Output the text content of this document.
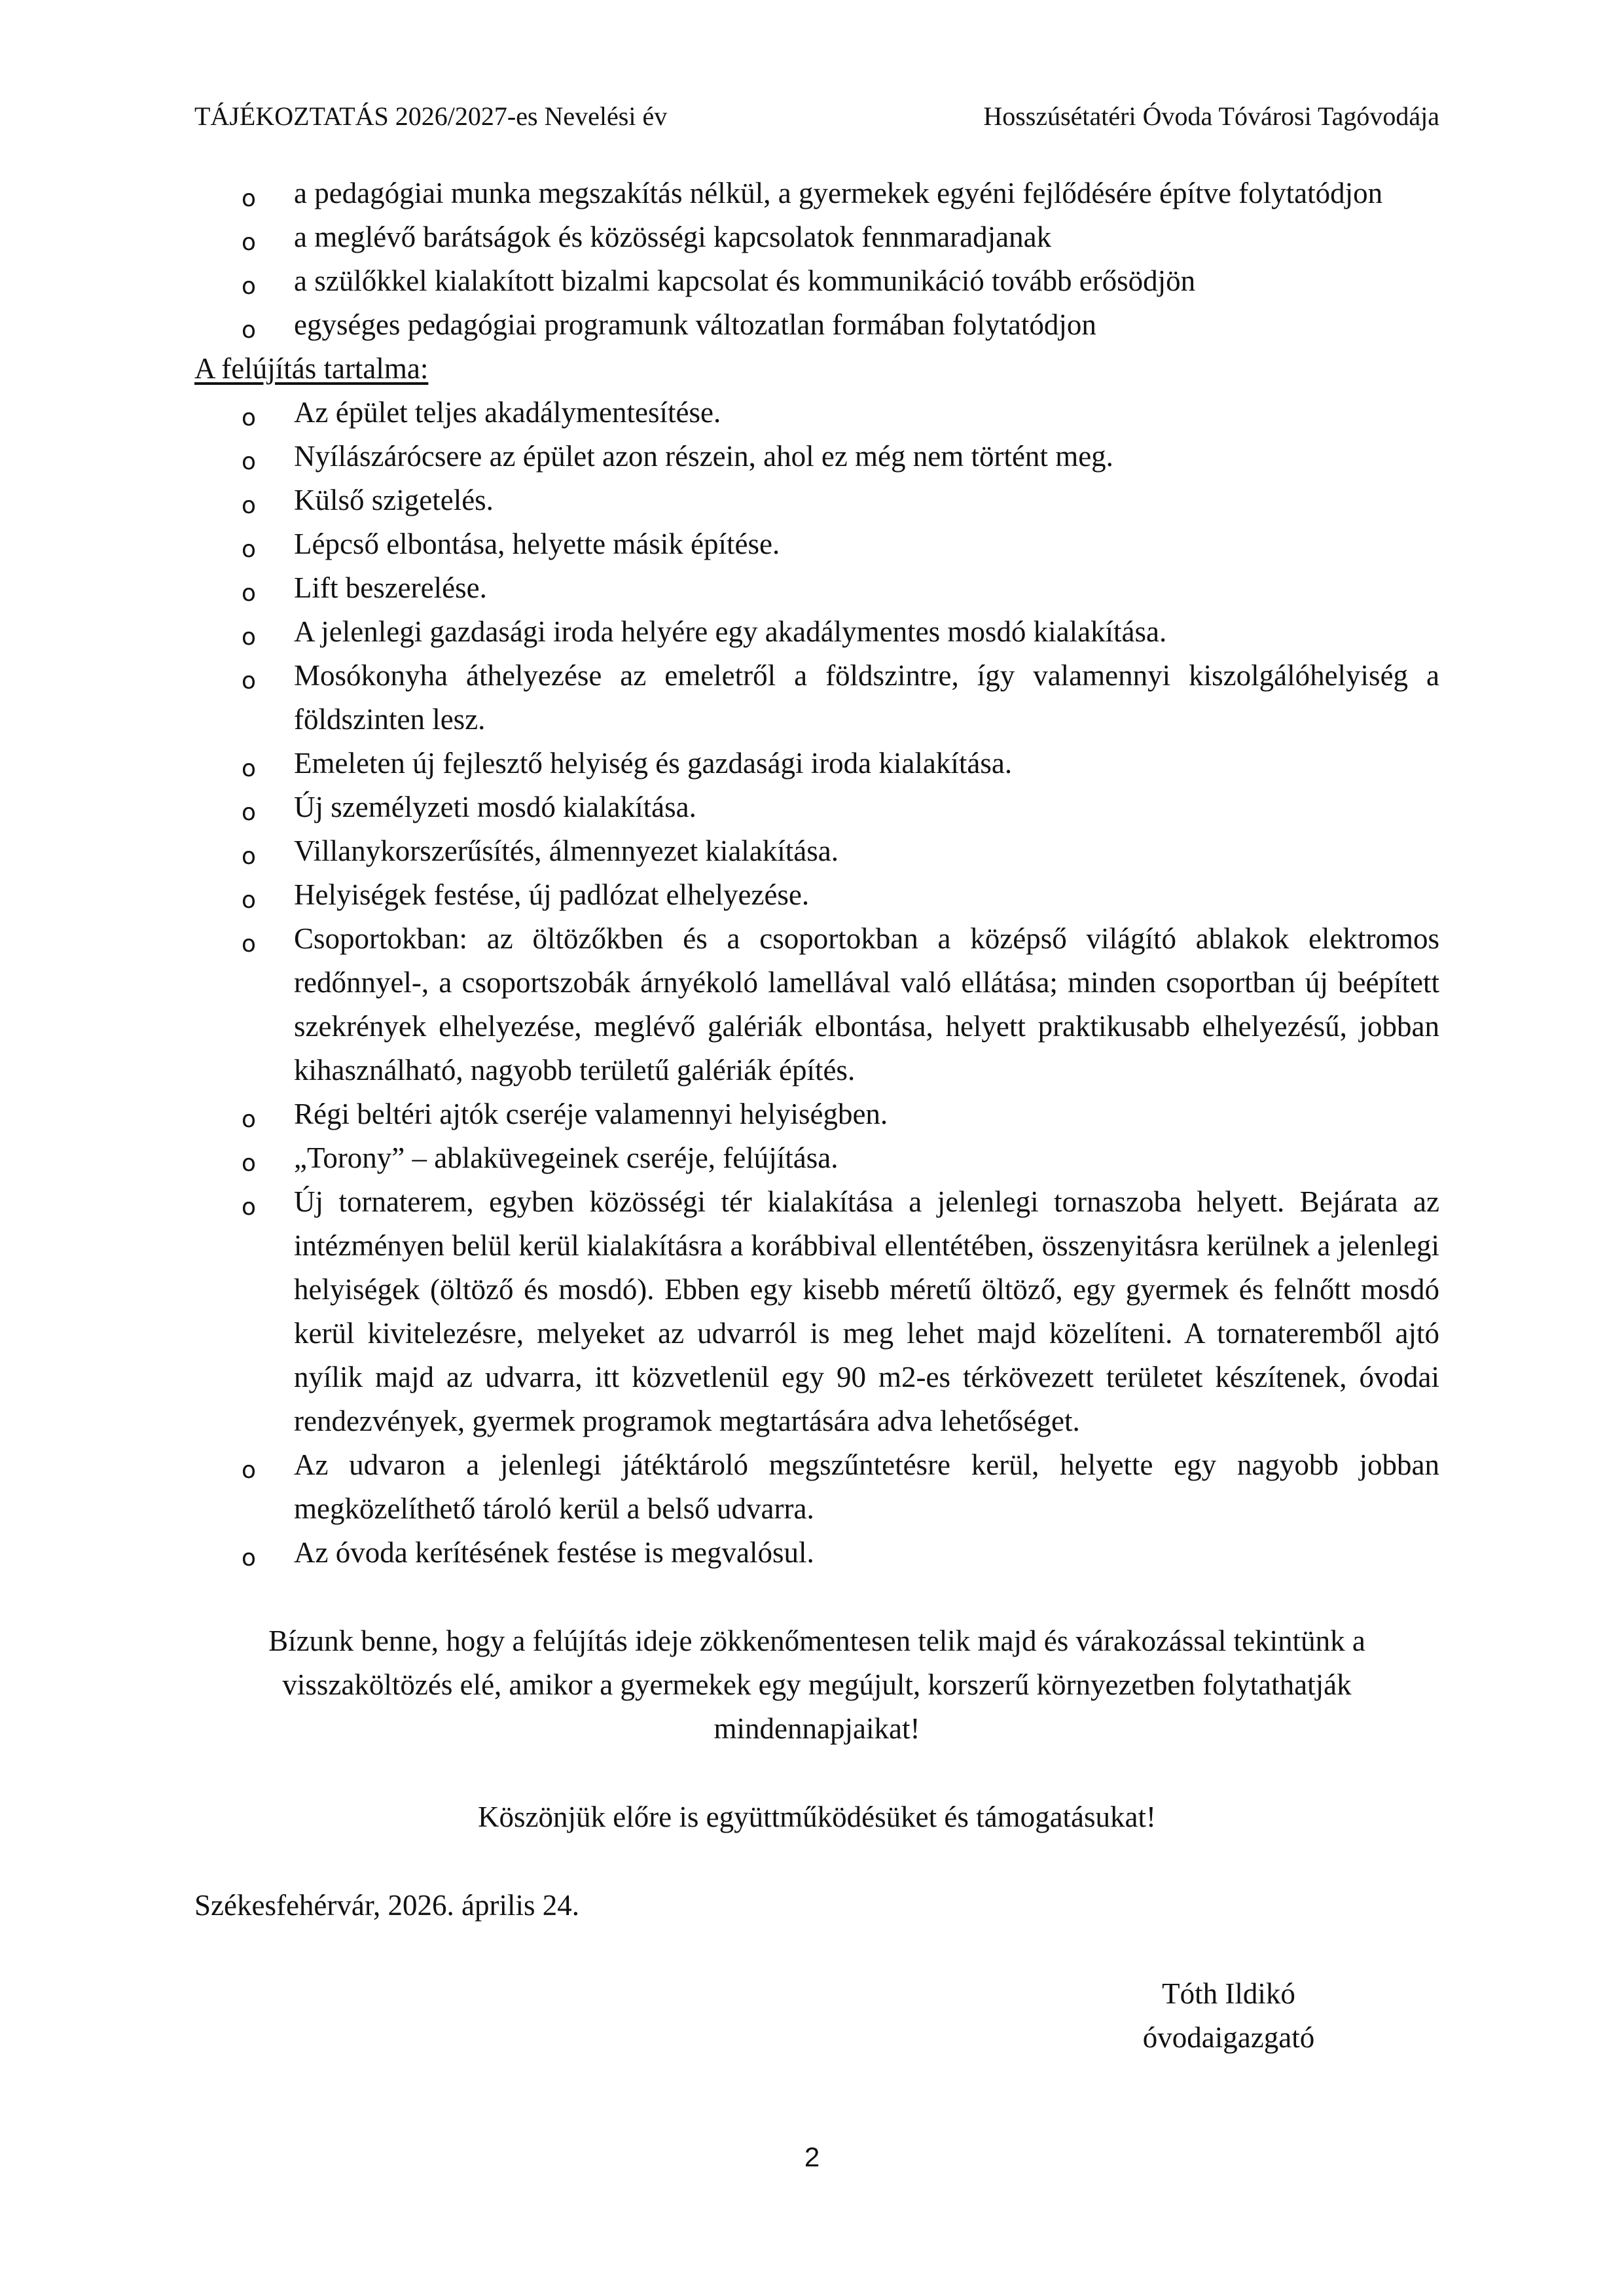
TÁJÉKOZTATÁS 2026/2027-es Nevelési év	Hosszúsétatéri Óvoda Tóvárosi Tagóvodája
o a pedagógiai munka megszakítás nélkül, a gyermekek egyéni fejlődésére építve folytatódjon
o a meglévő barátságok és közösségi kapcsolatok fennmaradjanak
o a szülőkkel kialakított bizalmi kapcsolat és kommunikáció tovább erősödjön
o egységes pedagógiai programunk változatlan formában folytatódjon
A felújítás tartalma:
o Az épület teljes akadálymentesítése.
o Nyílászárócsere az épület azon részein, ahol ez még nem történt meg.
o Külső szigetelés.
o Lépcső elbontása, helyette másik építése.
o Lift beszerelése.
o A jelenlegi gazdasági iroda helyére egy akadálymentes mosdó kialakítása.
o Mosókonyha áthelyezése az emeletről a földszintre, így valamennyi kiszolgálóhelyiség a földszinten lesz.
o Emeleten új fejlesztő helyiség és gazdasági iroda kialakítása.
o Új személyzeti mosdó kialakítása.
o Villanykorszerűsítés, álmennyezet kialakítása.
o Helyiségek festése, új padlózat elhelyezése.
o Csoportokban: az öltözőkben és a csoportokban a középső világító ablakok elektromos redőnnyel-, a csoportszobák árnyékoló lamellával való ellátása; minden csoportban új beépített szekrények elhelyezése, meglévő galériák elbontása, helyett praktikusabb elhelyezésű, jobban kihasználható, nagyobb területű galériák építés.
o Régi beltéri ajtók cseréje valamennyi helyiségben.
o „Torony” – ablaküvegeinek cseréje, felújítása.
o Új tornaterem, egyben közösségi tér kialakítása a jelenlegi tornaszoba helyett. Bejárata az intézményen belül kerül kialakításra a korábbival ellentétében, összenyitásra kerülnek a jelenlegi helyiségek (öltöző és mosdó). Ebben egy kisebb méretű öltöző, egy gyermek és felnőtt mosdó kerül kivitelezésre, melyeket az udvarról is meg lehet majd közelíteni. A tornateremből ajtó nyílik majd az udvarra, itt közvetlenül egy 90 m2-es térkövezett területet készítenek, óvodai rendezvények, gyermek programok megtartására adva lehetőséget.
o Az udvaron a jelenlegi játéktároló megszűntetésre kerül, helyette egy nagyobb jobban megközelíthető tároló kerül a belső udvarra.
o Az óvoda kerítésének festése is megvalósul.

Bízunk benne, hogy a felújítás ideje zökkenőmentesen telik majd és várakozással tekintünk a visszaköltözés elé, amikor a gyermekek egy megújult, korszerű környezetben folytathatják mindennapjaikat!

Köszönjük előre is együttműködésüket és támogatásukat!

Székesfehérvár, 2026. április 24.

Tóth Ildikó
óvodaigazgató
2
